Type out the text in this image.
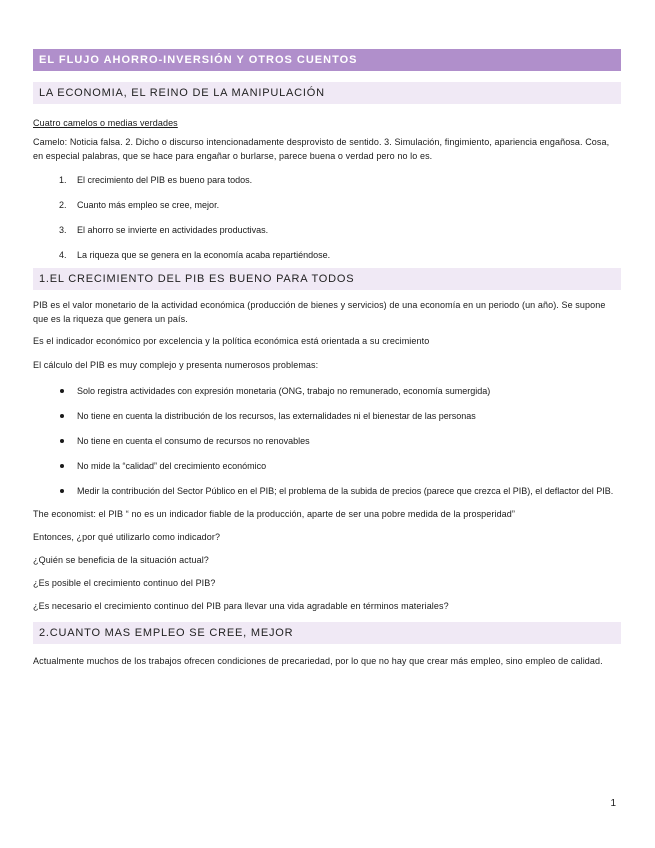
EL FLUJO AHORRO-INVERSIÓN Y OTROS CUENTOS
LA ECONOMIA, EL REINO DE LA MANIPULACIÓN

Cuatro camelos o medias verdades

Camelo: Noticia falsa. 2. Dicho o discurso intencionadamente desprovisto de sentido. 3. Simulación, fingimiento, apariencia engañosa. Cosa, en especial palabras, que se hace para engañar o burlarse, parece buena o verdad pero no lo es.

1. El crecimiento del PIB es bueno para todos.
2. Cuanto más empleo se cree, mejor.
3. El ahorro se invierte en actividades productivas.
4. La riqueza que se genera en la economía acaba repartiéndose.
1.EL CRECIMIENTO DEL PIB ES BUENO PARA TODOS

PIB es el valor monetario de la actividad económica (producción de bienes y servicios) de una economía en un periodo (un año). Se supone que es la riqueza que genera un país.

Es el indicador económico por excelencia y la política económica está orientada a su crecimiento

El cálculo del PIB es muy complejo y presenta numerosos problemas:

Solo registra actividades con expresión monetaria (ONG, trabajo no remunerado, economía sumergida)
No tiene en cuenta la distribución de los recursos, las externalidades ni el bienestar de las personas
No tiene en cuenta el consumo de recursos no renovables
No mide la “calidad” del crecimiento económico
Medir la contribución del Sector Público en el PIB; el problema de la subida de precios (parece que crezca el PIB), el deflactor del PIB.

The economist: el PIB “ no es un indicador fiable de la producción, aparte de ser una pobre medida de la prosperidad”

Entonces, ¿por qué utilizarlo como indicador?

¿Quién se beneficia de la situación actual?

¿Es posible el crecimiento continuo del PIB?

¿Es necesario el crecimiento continuo del PIB para llevar una vida agradable en términos materiales?

2.CUANTO MAS EMPLEO SE CREE, MEJOR

Actualmente muchos de los trabajos ofrecen condiciones de precariedad, por lo que no hay que crear más empleo, sino empleo de calidad.

1
